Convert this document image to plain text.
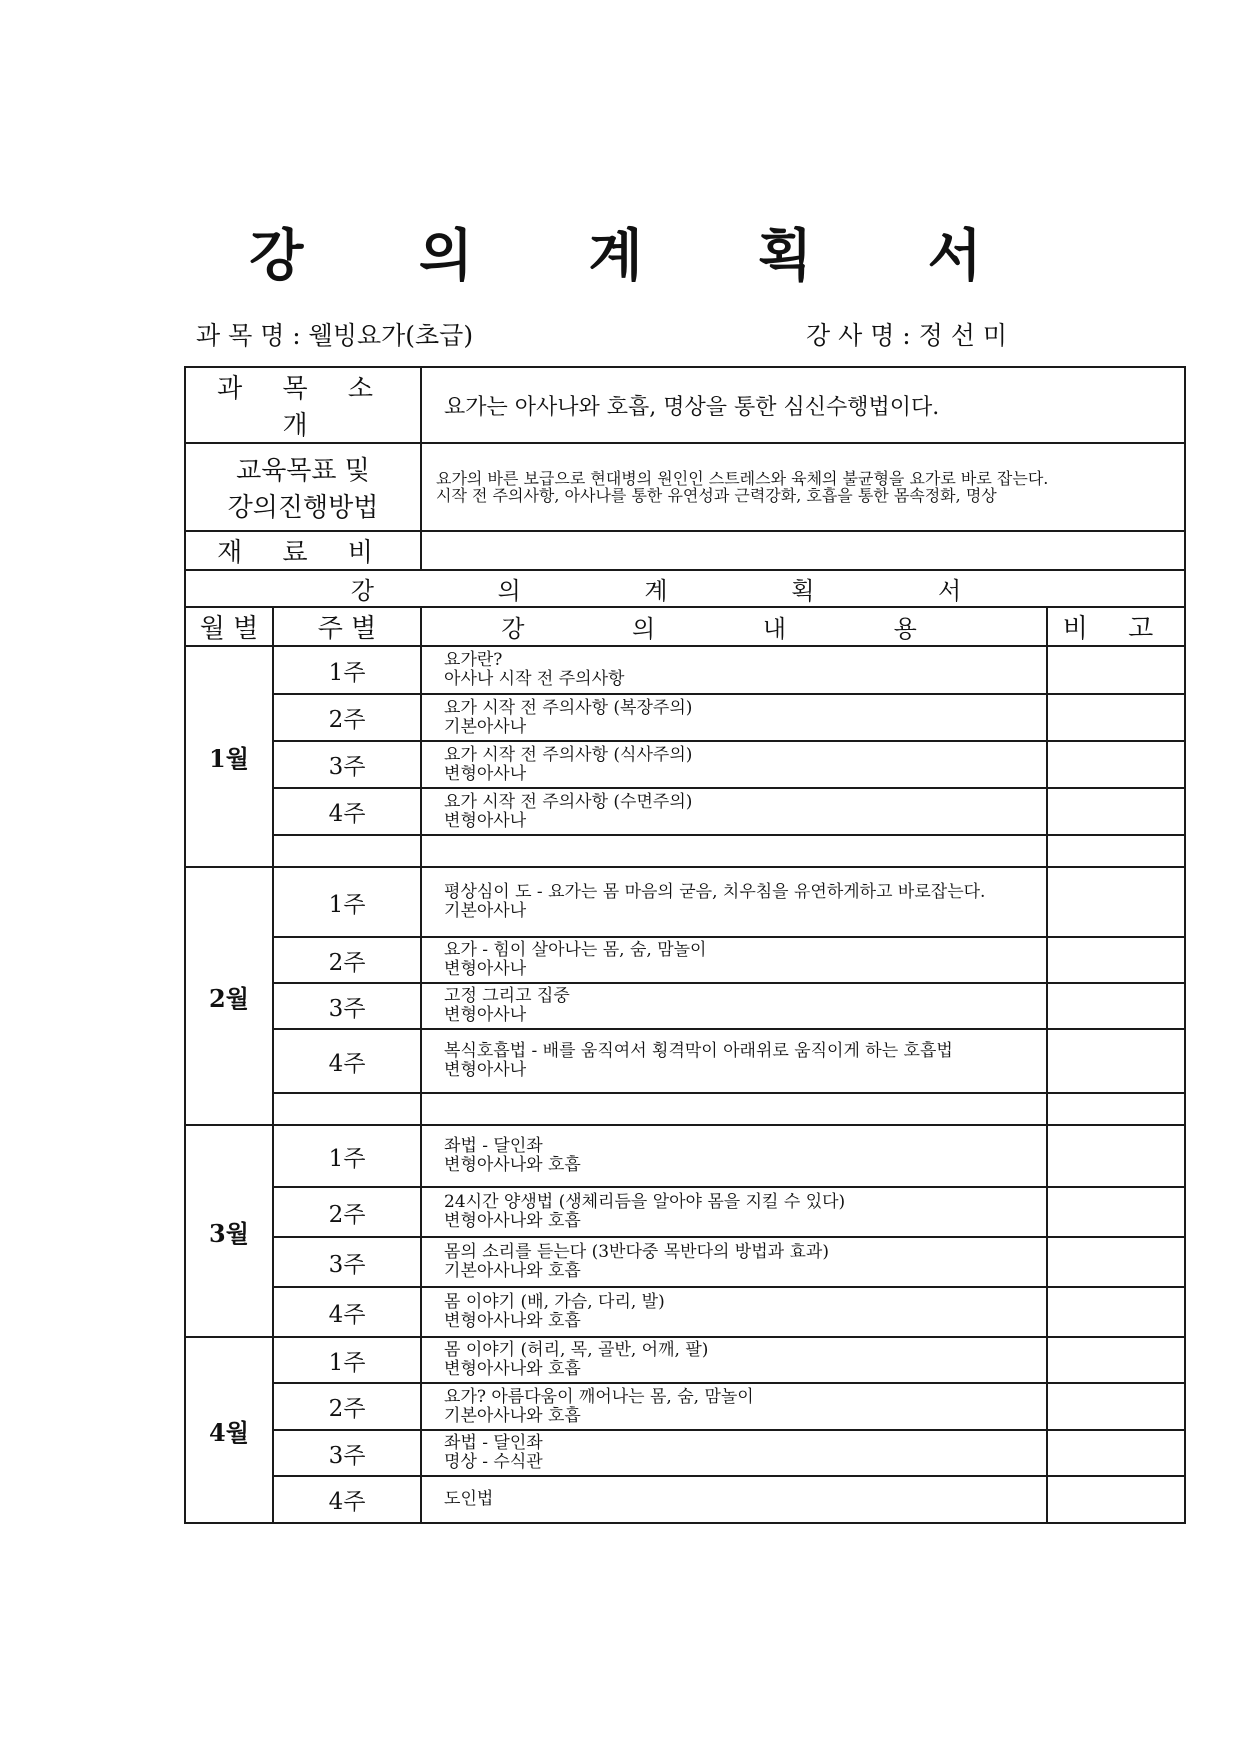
강 의 계 획 서
과 목 명 : 웰빙요가(초급)	강 사 명 : 정 선 미
과 목 소 개		요가는 아사나와 호흡, 명상을 통한 심신수행법이다.	

교육목표 및
강의진행방법		요가의 바른 보급으로 현대병의 원인인 스트레스와 육체의 불균형을 요가로 바로 잡는다.
시작 전 주의사항, 아사나를 통한 유연성과 근력강화, 호흡을 통한 몸속정화, 명상	

재 료 비			
강 의 계 획 서			
월 별	주 별	강 의 내 용	비 고
1월	1주	요가란?
아사나 시작 전 주의사항	

	2주	요가 시작 전 주의사항 (복장주의)
기본아사나	

	3주	요가 시작 전 주의사항 (식사주의)
변형아사나	

	4주	요가 시작 전 주의사항 (수면주의)
변형아사나	

2월	1주	평상심이 도 - 요가는 몸 마음의 굳음, 치우침을 유연하게하고 바로잡는다.
기본아사나	

	2주	요가 - 힘이 살아나는 몸, 숨, 맘놀이
변형아사나	

	3주	고정 그리고 집중
변형아사나	

	4주	복식호흡법 - 배를 움직여서 횡격막이 아래위로 움직이게 하는 호흡법
변형아사나	

3월	1주	좌법 - 달인좌
변형아사나와 호흡	

	2주	24시간 양생법 (생체리듬을 알아야 몸을 지킬 수 있다)
변형아사나와 호흡	

	3주	몸의 소리를 듣는다 (3반다중 목반다의 방법과 효과)
기본아사나와 호흡	

	4주	몸 이야기 (배, 가슴, 다리, 발)
변형아사나와 호흡	

4월	1주	몸 이야기 (허리, 목, 골반, 어깨, 팔)
변형아사나와 호흡	

	2주	요가? 아름다움이 깨어나는 몸, 숨, 맘놀이
기본아사나와 호흡	

	3주	좌법 - 달인좌
명상 - 수식관	

	4주	도인법	
